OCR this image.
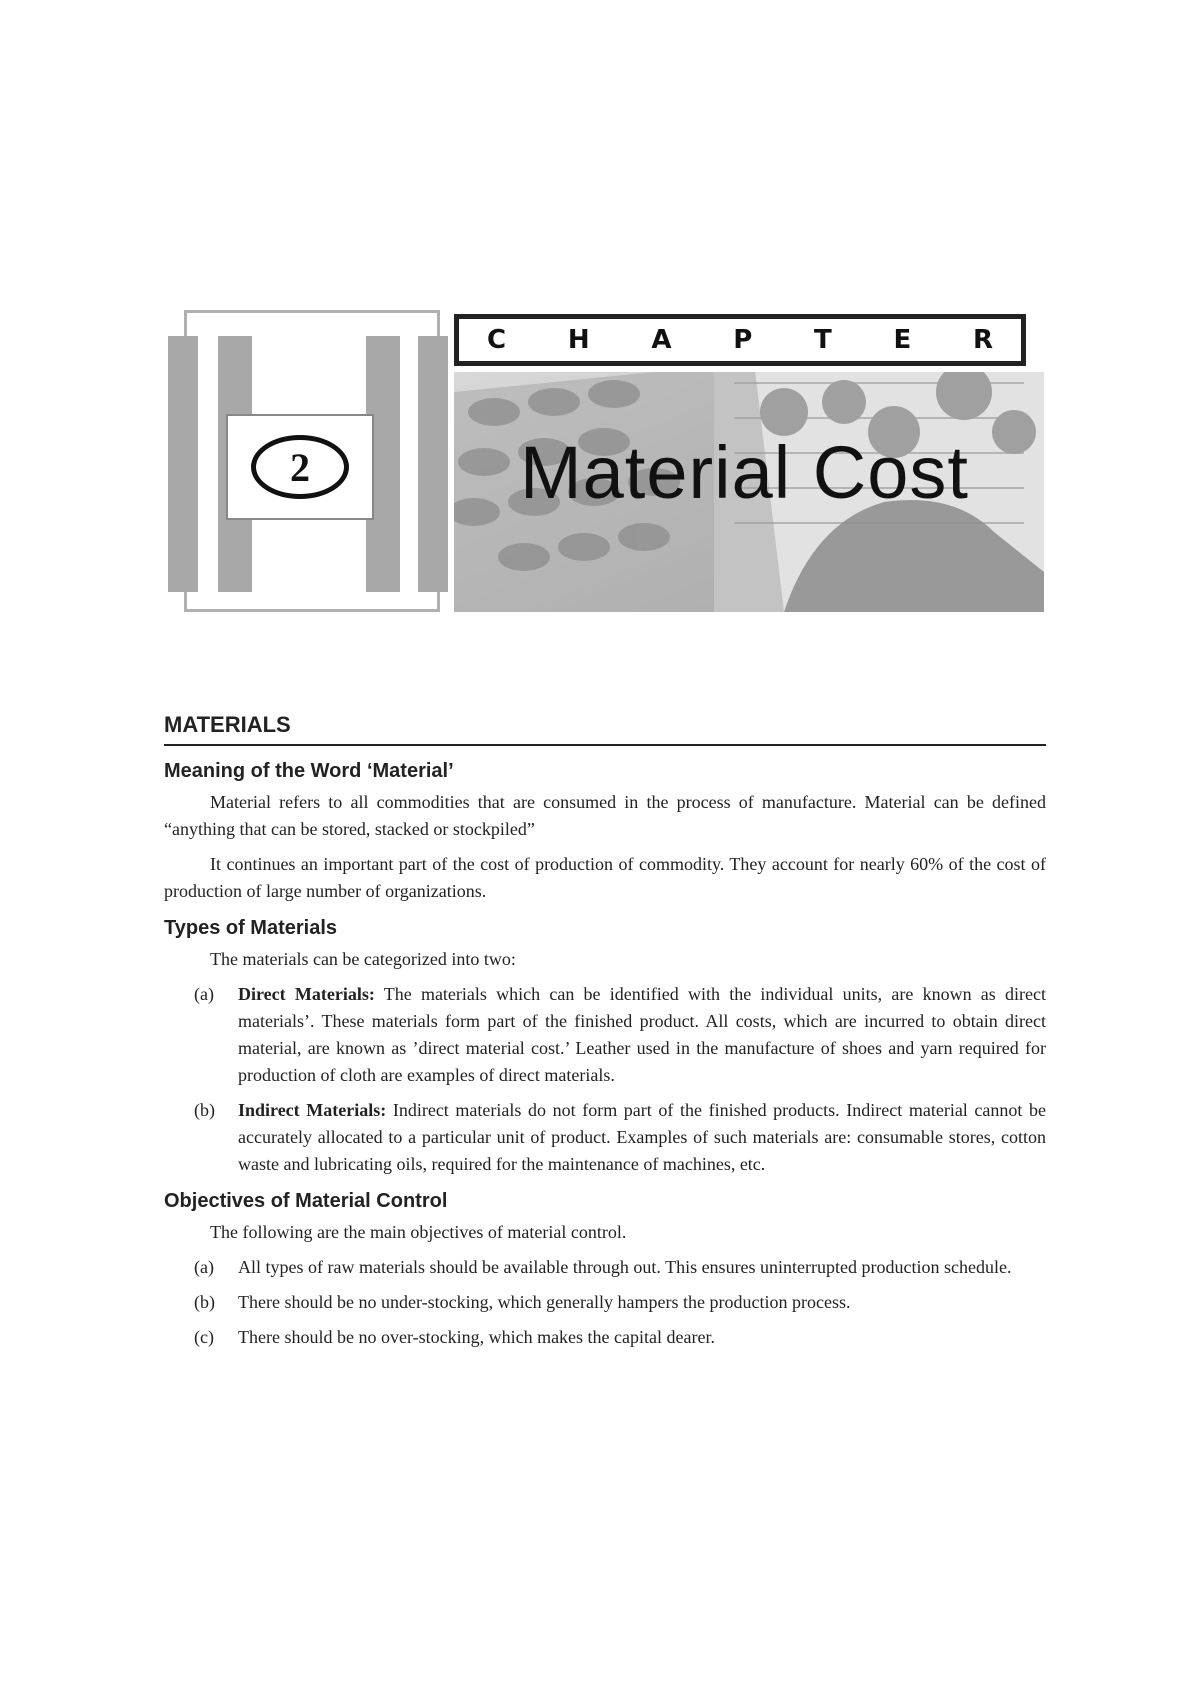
2
C H A P T E R
Material Cost
MATERIALS
Meaning of the Word ‘Material’

Material refers to all commodities that are consumed in the process of manufacture. Material can be defined “anything that can be stored, stacked or stockpiled”

It continues an important part of the cost of production of commodity. They account for nearly 60% of the cost of production of large number of organizations.

Types of Materials

The materials can be categorized into two:

(a)	Direct Materials: The materials which can be identified with the individual units, are known as direct materials’. These materials form part of the finished product. All costs, which are incurred to obtain direct material, are known as ’direct material cost.’ Leather used in the manufacture of shoes and yarn required for production of cloth are examples of direct materials.
(b)	Indirect Materials: Indirect materials do not form part of the finished products. Indirect material cannot be accurately allocated to a particular unit of product. Examples of such materials are: consumable stores, cotton waste and lubricating oils, required for the maintenance of machines, etc.
Objectives of Material Control

The following are the main objectives of material control.

(a)	All types of raw materials should be available through out. This ensures uninterrupted production schedule.
(b)	There should be no under-stocking, which generally hampers the production process.
(c)	There should be no over-stocking, which makes the capital dearer.
